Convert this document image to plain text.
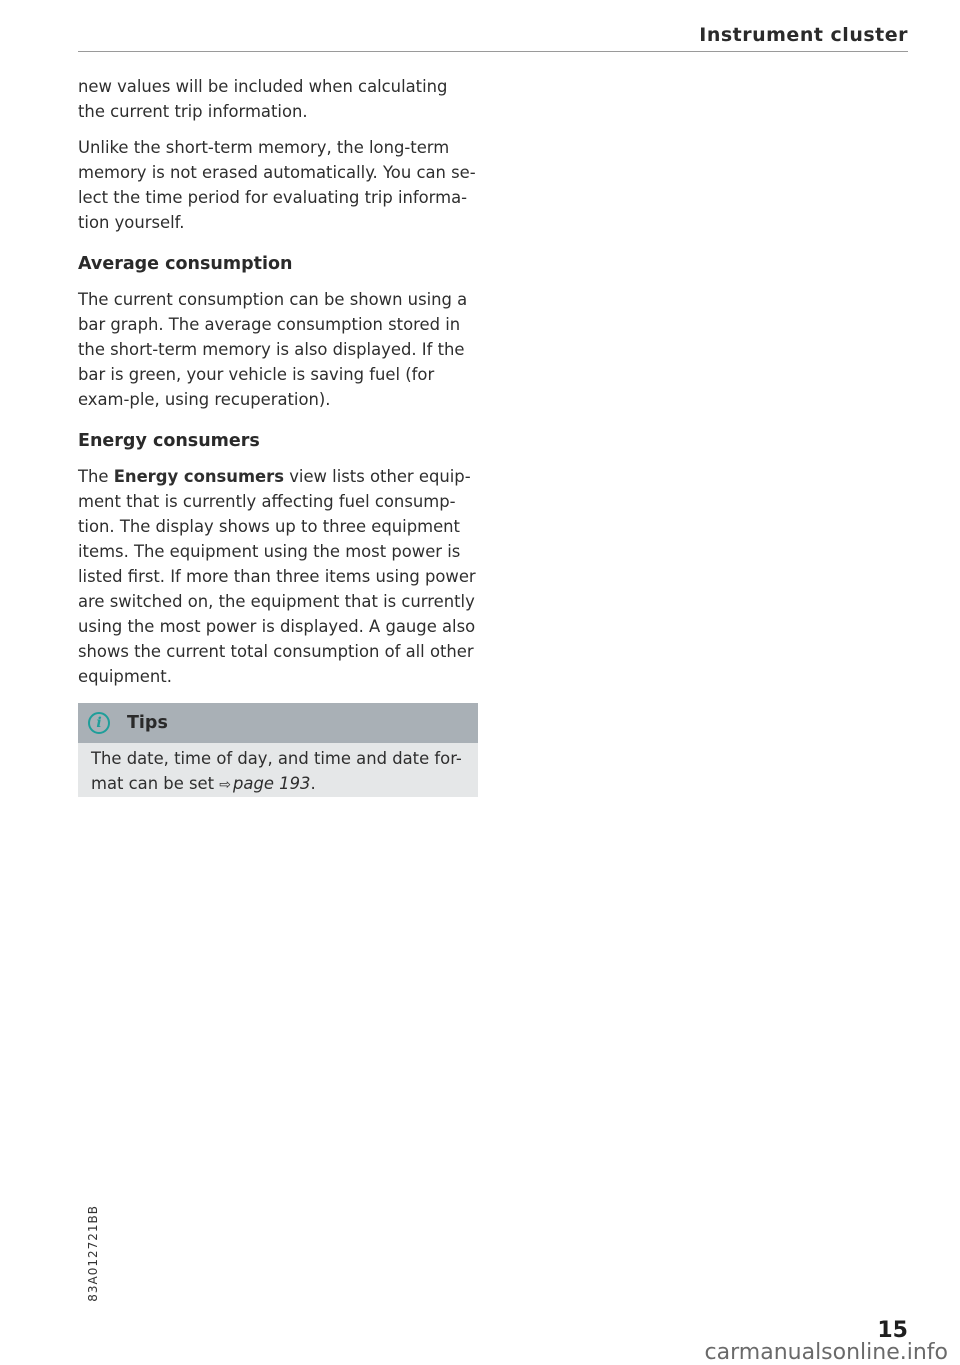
Instrument cluster

new values will be included when calculating the current trip information.

Unlike the short-term memory, the long-term memory is not erased automatically. You can se-lect the time period for evaluating trip informa-tion yourself.

Average consumption

The current consumption can be shown using a bar graph. The average consumption stored in the short-term memory is also displayed. If the bar is green, your vehicle is saving fuel (for exam-ple, using recuperation).

Energy consumers

The Energy consumers view lists other equip-ment that is currently affecting fuel consump-tion. The display shows up to three equipment items. The equipment using the most power is listed first. If more than three items using power are switched on, the equipment that is currently using the most power is displayed. A gauge also shows the current total consumption of all other equipment.

i	Tips
The date, time of day, and time and date for-mat can be set ⇨ page 193.
83A012721BB
15
carmanualsonline.info
